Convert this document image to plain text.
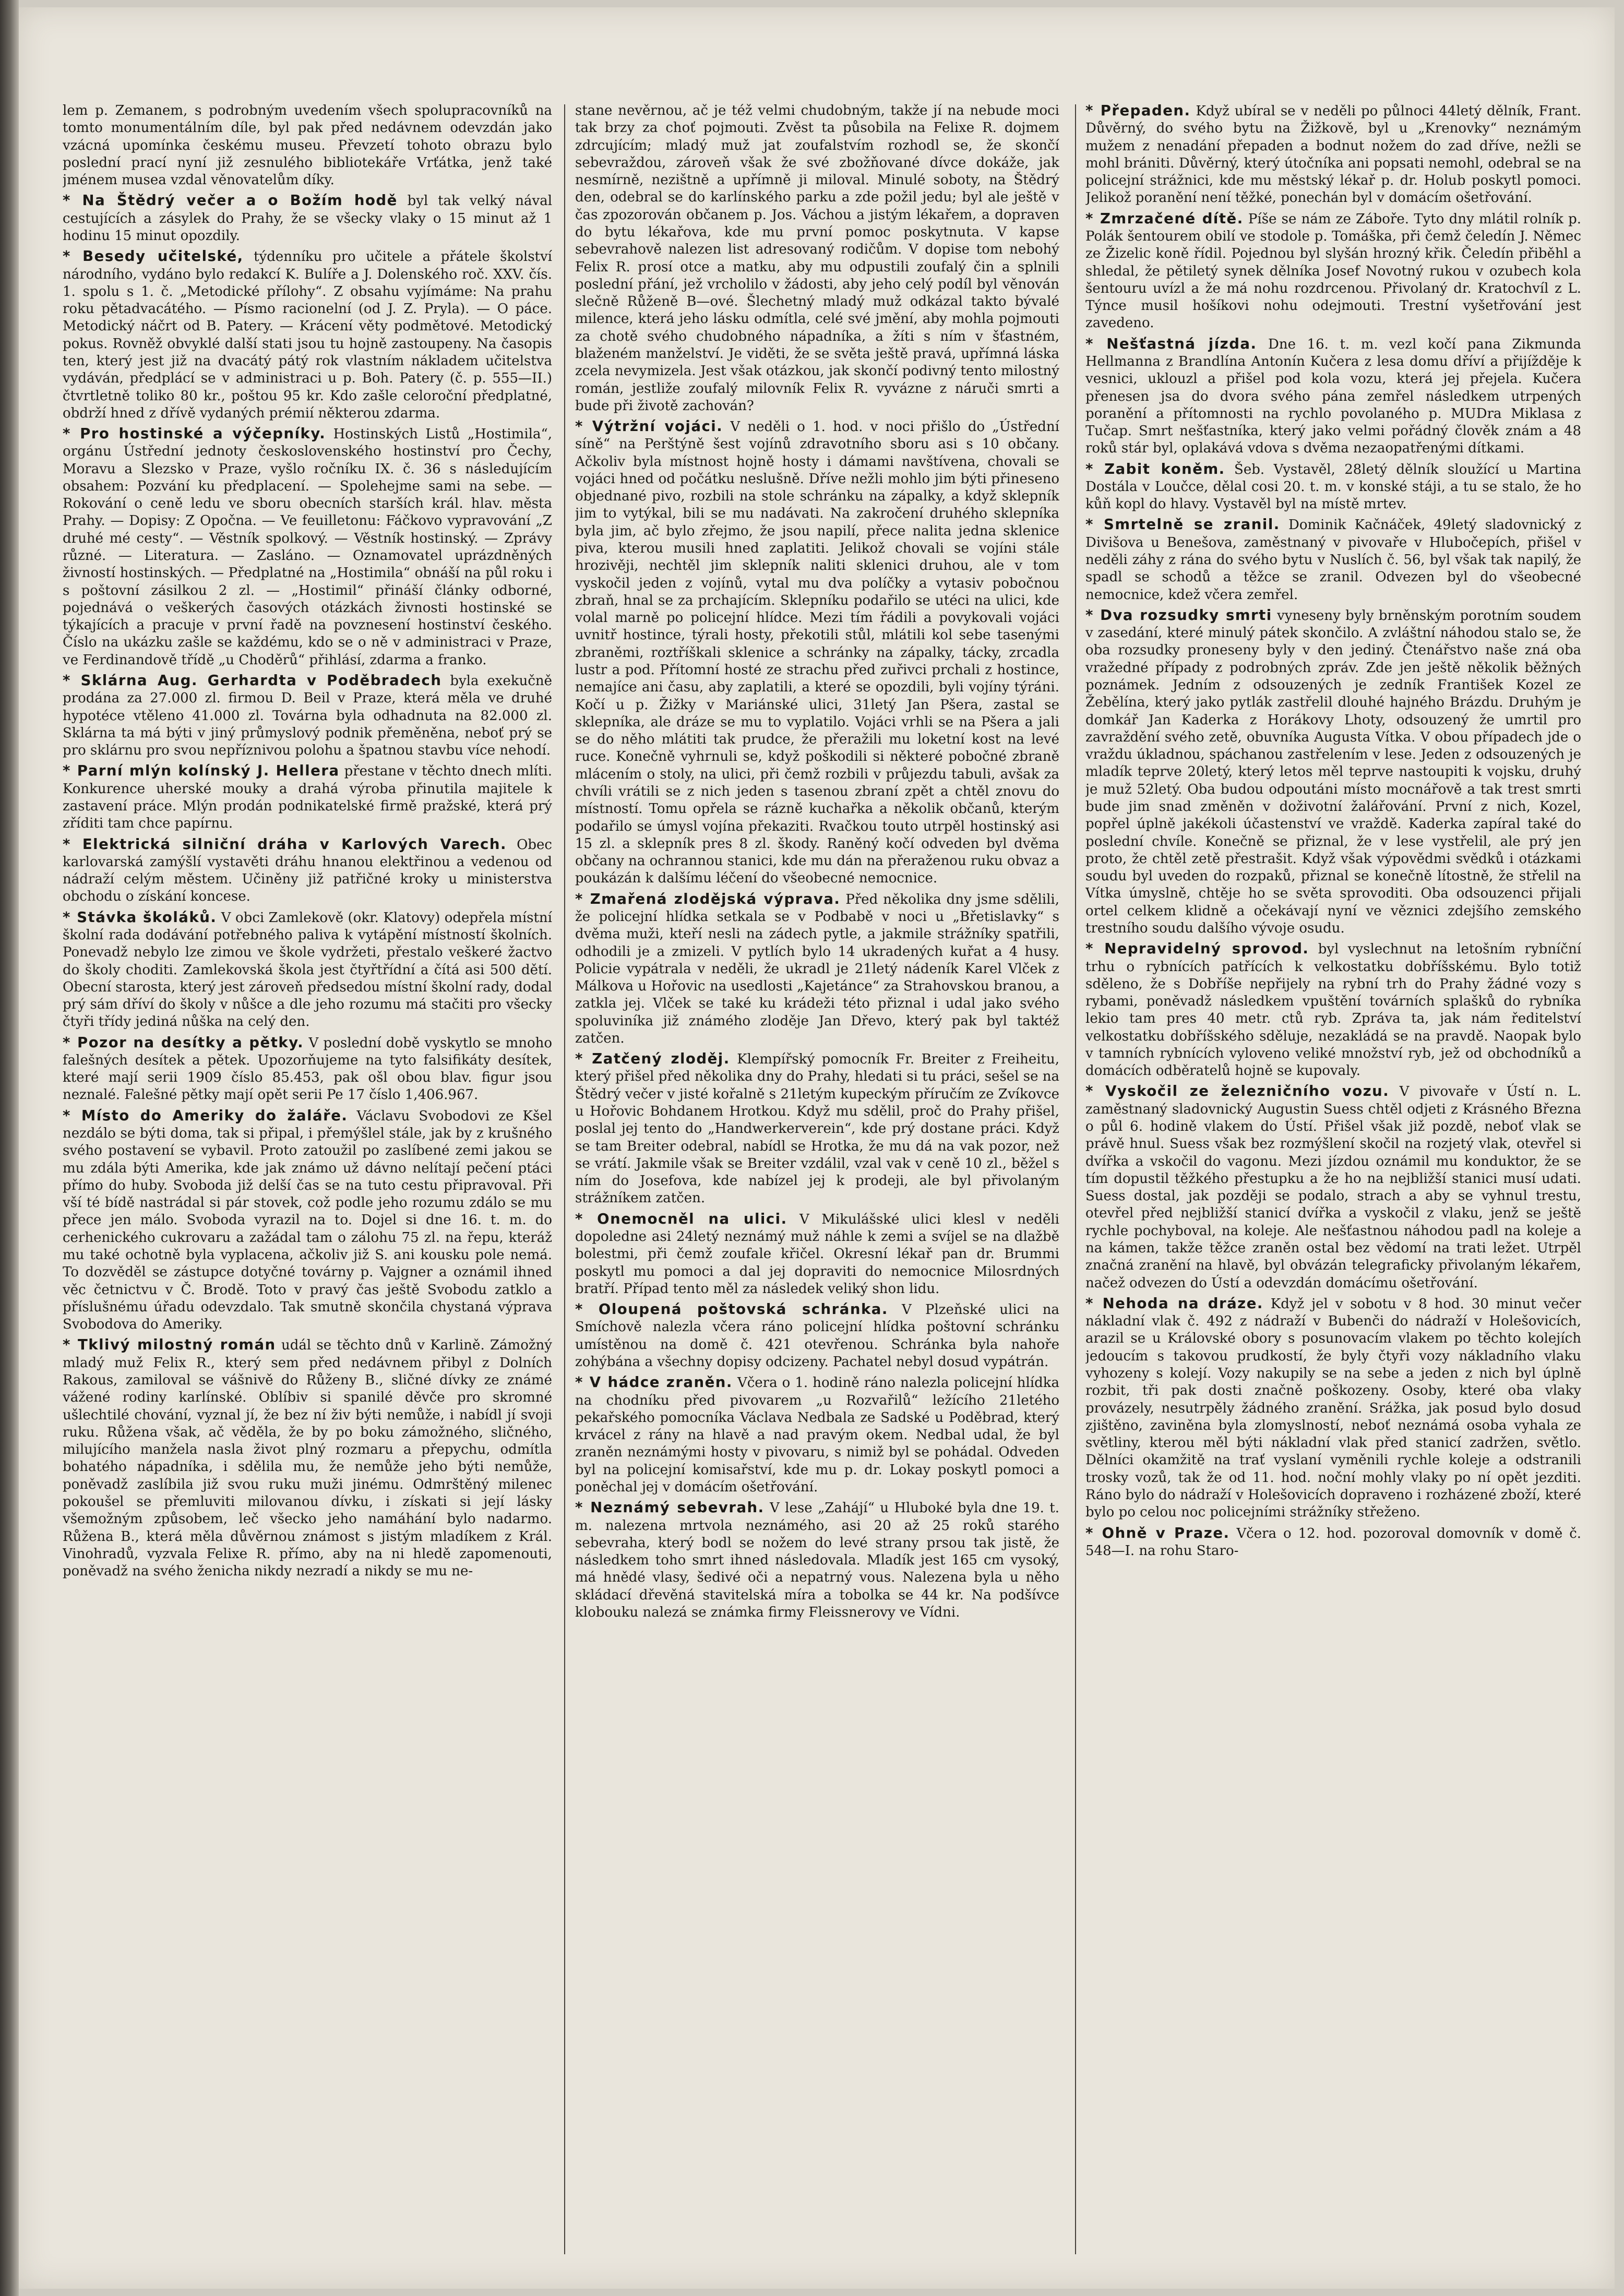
lem p. Zemanem, s podrobným uvedením všech spolupracovníků na tomto monumentálním díle, byl pak před nedávnem odevzdán jako vzácná upomínka českému museu. Převzetí tohoto obrazu bylo poslední prací nyní již zesnulého bibliotekáře Vrťátka, jenž také jménem musea vzdal věnovatelům díky.

* Na Štědrý večer a o Božím hodě byl tak velký nával cestujících a zásylek do Prahy, že se všecky vlaky o 15 minut až 1 hodinu 15 minut opozdily.

* Besedy učitelské, týdenníku pro učitele a přátele školství národního, vydáno bylo redakcí K. Bulíře a J. Dolenského roč. XXV. čís. 1. spolu s 1. č. „Metodické přílohy“. Z obsahu vyjímáme: Na prahu roku pětadvacátého. — Písmo racionelní (od J. Z. Pryla). — O páce. Metodický náčrt od B. Patery. — Krácení věty podmětové. Metodický pokus. Rovněž obvyklé další stati jsou tu hojně zastoupeny. Na časopis ten, který jest již na dvacátý pátý rok vlastním nákladem učitelstva vydáván, předplácí se v administraci u p. Boh. Patery (č. p. 555—II.) čtvrtletně toliko 80 kr., poštou 95 kr. Kdo zašle celoroční předplatné, obdrží hned z dřívě vydaných prémií některou zdarma.

* Pro hostinské a výčepníky. Hostinských Listů „Hostimila“, orgánu Ústřední jednoty československého hostinství pro Čechy, Moravu a Slezsko v Praze, vyšlo ročníku IX. č. 36 s následujícím obsahem: Pozvání ku předplacení. — Spolehejme sami na sebe. — Rokování o ceně ledu ve sboru obecních starších král. hlav. města Prahy. — Dopisy: Z Opočna. — Ve feuilletonu: Fáčkovo vypravování „Z druhé mé cesty“. — Věstník spolkový. — Věstník hostinský. — Zprávy různé. — Literatura. — Zasláno. — Oznamovatel uprázdněných živností hostinských. — Předplatné na „Hostimila“ obnáší na půl roku i s poštovní zásilkou 2 zl. — „Hostimil“ přináší články odborné, pojednává o veškerých časových otázkách živnosti hostinské se týkajících a pracuje v první řadě na povznesení hostinství českého. Číslo na ukázku zašle se každému, kdo se o ně v administraci v Praze, ve Ferdinandově třídě „u Choděrů“ přihlásí, zdarma a franko.

* Sklárna Aug. Gerhardta v Poděbradech byla exekučně prodána za 27.000 zl. firmou D. Beil v Praze, která měla ve druhé hypotéce vtěleno 41.000 zl. Továrna byla odhadnuta na 82.000 zl. Sklárna ta má býti v jiný průmyslový podnik přeměněna, neboť prý se pro sklárnu pro svou nepříznivou polohu a špatnou stavbu více nehodí.

* Parní mlýn kolínský J. Hellera přestane v těchto dnech mlíti. Konkurence uherské mouky a drahá výroba přinutila majitele k zastavení práce. Mlýn prodán podnikatelské firmě pražské, která prý zříditi tam chce papírnu.

* Elektrická silniční dráha v Karlových Varech. Obec karlovarská zamýšlí vystavěti dráhu hnanou elektřinou a vedenou od nádraží celým městem. Učiněny již patřičné kroky u ministerstva obchodu o získání koncese.

* Stávka školáků. V obci Zamlekově (okr. Klatovy) odepřela místní školní rada dodávání potřebného paliva k vytápění místností školních. Ponevadž nebylo lze zimou ve škole vydržeti, přestalo veškeré žactvo do školy choditi. Zamlekovská škola jest čtyřtřídní a čítá asi 500 dětí. Obecní starosta, který jest zároveň předsedou místní školní rady, dodal prý sám dříví do školy v nůšce a dle jeho rozumu má stačiti pro všecky čtyři třídy jediná nůška na celý den.

* Pozor na desítky a pětky. V poslední době vyskytlo se mnoho falešných desítek a pětek. Upozorňujeme na tyto falsifikáty desítek, které mají serii 1909 číslo 85.453, pak ošl obou blav. figur jsou neznalé. Falešné pětky mají opět serii Pe 17 číslo 1,406.967.

* Místo do Ameriky do žaláře. Václavu Svobodovi ze Kšel nezdálo se býti doma, tak si připal, i přemýšlel stále, jak by z krušného svého postavení se vybavil. Proto zatoužil po zaslíbené zemi jakou se mu zdála býti Amerika, kde jak známo už dávno nelítají pečení ptáci přímo do huby. Svoboda již delší čas se na tuto cestu připravoval. Při vší té bídě nastrádal si pár stovek, což podle jeho rozumu zdálo se mu přece jen málo. Svoboda vyrazil na to. Dojel si dne 16. t. m. do cerhenického cukrovaru a zažádal tam o zálohu 75 zl. na řepu, kteráž mu také ochotně byla vyplacena, ačkoliv již S. ani kousku pole nemá. To dozvěděl se zástupce dotyčné továrny p. Vajgner a oznámil ihned věc četnictvu v Č. Brodě. Toto v pravý čas ještě Svobodu zatklo a příslušnému úřadu odevzdalo. Tak smutně skončila chystaná výprava Svobodova do Ameriky.

* Tklivý milostný román udál se těchto dnů v Karlině. Zámožný mladý muž Felix R., který sem před nedávnem přibyl z Dolních Rakous, zamiloval se vášnivě do Růženy B., sličné dívky ze známé vážené rodiny karlínské. Oblíbiv si spanilé děvče pro skromné ušlechtilé chování, vyznal jí, že bez ní živ býti nemůže, i nabídl jí svoji ruku. Růžena však, ač věděla, že by po boku zámožného, sličného, milujícího manžela nasla život plný rozmaru a přepychu, odmítla bohatého nápadníka, i sdělila mu, že nemůže jeho býti nemůže, poněvadž zaslíbila již svou ruku muži jinému. Odmrštěný milenec pokoušel se přemluviti milovanou dívku, i získati si její lásky všemožným způsobem, leč všecko jeho namáhání bylo nadarmo. Růžena B., která měla důvěrnou známost s jistým mladíkem z Král. Vinohradů, vyzvala Felixe R. přímo, aby na ni hledě zapomenouti, poněvadž na svého ženicha nikdy nezradí a nikdy se mu ne-

stane nevěrnou, ač je též velmi chudobným, takže jí na nebude moci tak brzy za choť pojmouti. Zvěst ta působila na Felixe R. dojmem zdrcujícím; mladý muž jat zoufalstvím rozhodl se, že skončí sebevraždou, zároveň však že své zbožňované dívce dokáže, jak nesmírně, nezištně a upřímně ji miloval. Minulé soboty, na Štědrý den, odebral se do karlínského parku a zde požil jedu; byl ale ještě v čas zpozorován občanem p. Jos. Váchou a jistým lékařem, a dopraven do bytu lékařova, kde mu první pomoc poskytnuta. V kapse sebevrahově nalezen list adresovaný rodičům. V dopise tom nebohý Felix R. prosí otce a matku, aby mu odpustili zoufalý čin a splnili poslední přání, jež vrcholilo v žádosti, aby jeho celý podíl byl věnován slečně Růženě B—ové. Šlechetný mladý muž odkázal takto bývalé milence, která jeho lásku odmítla, celé své jmění, aby mohla pojmouti za chotě svého chudobného nápadníka, a žíti s ním v šťastném, blaženém manželství. Je viděti, že se světa ještě pravá, upřímná láska zcela nevymizela. Jest však otázkou, jak skončí podivný tento milostný román, jestliže zoufalý milovník Felix R. vyvázne z náruči smrti a bude při životě zachován?

* Výtržní vojáci. V neděli o 1. hod. v noci přišlo do „Ústřední síně“ na Perštýně šest vojínů zdravotního sboru asi s 10 občany. Ačkoliv byla místnost hojně hosty i dámami navštívena, chovali se vojáci hned od počátku neslušně. Dříve nežli mohlo jim býti přineseno objednané pivo, rozbili na stole schránku na zápalky, a když sklepník jim to vytýkal, bili se mu nadávati. Na zakročení druhého sklepníka byla jim, ač bylo zřejmo, že jsou napilí, přece nalita jedna sklenice piva, kterou musili hned zaplatiti. Jelikož chovali se vojíni stále hrozivěji, nechtěl jim sklepník naliti sklenici druhou, ale v tom vyskočil jeden z vojínů, vytal mu dva políčky a vytasiv pobočnou zbraň, hnal se za prchajícím. Sklepníku podařilo se utéci na ulici, kde volal marně po policejní hlídce. Mezi tím řádili a povykovali vojáci uvnitř hostince, týrali hosty, překotili stůl, mlátili kol sebe tasenými zbraněmi, roztříškali sklenice a schránky na zápalky, tácky, zrcadla lustr a pod. Přítomní hosté ze strachu před zuřivci prchali z hostince, nemajíce ani času, aby zaplatili, a které se opozdili, byli vojíny týráni. Kočí u p. Žižky v Mariánské ulici, 31letý Jan Pšera, zastal se sklepníka, ale dráze se mu to vyplatilo. Vojáci vrhli se na Pšera a jali se do něho mlátiti tak prudce, že přeražili mu loketní kost na levé ruce. Konečně vyhrnuli se, když poškodili si některé pobočné zbraně mlácením o stoly, na ulici, při čemž rozbili v průjezdu tabuli, avšak za chvíli vrátili se z nich jeden s tasenou zbraní zpět a chtěl znovu do místností. Tomu opřela se rázně kuchařka a několik občanů, kterým podařilo se úmysl vojína překaziti. Rvačkou touto utrpěl hostinský asi 15 zl. a sklepník pres 8 zl. škody. Raněný kočí odveden byl dvěma občany na ochrannou stanici, kde mu dán na přeraženou ruku obvaz a poukázán k dalšímu léčení do všeobecné nemocnice.

* Zmařená zlodějská výprava. Před několika dny jsme sdělili, že policejní hlídka setkala se v Podbabě v noci u „Břetislavky“ s dvěma muži, kteří nesli na zádech pytle, a jakmile strážníky spatřili, odhodili je a zmizeli. V pytlích bylo 14 ukradených kuřat a 4 husy. Policie vypátrala v neděli, že ukradl je 21letý nádeník Karel Vlček z Málkova u Hořovic na usedlosti „Kajetánce“ za Strahovskou branou, a zatkla jej. Vlček se také ku krádeži této přiznal i udal jako svého spoluviníka již známého zloděje Jan Dřevo, který pak byl taktéž zatčen.

* Zatčený zloděj. Klempířský pomocník Fr. Breiter z Freiheitu, který přišel před několika dny do Prahy, hledati si tu práci, sešel se na Štědrý večer v jisté kořalně s 21letým kupeckým příručím ze Zvíkovce u Hořovic Bohdanem Hrotkou. Když mu sdělil, proč do Prahy přišel, poslal jej tento do „Handwerkerverein“, kde prý dostane práci. Když se tam Breiter odebral, nabídl se Hrotka, že mu dá na vak pozor, než se vrátí. Jakmile však se Breiter vzdálil, vzal vak v ceně 10 zl., běžel s ním do Josefova, kde nabízel jej k prodeji, ale byl přivolaným strážníkem zatčen.

* Onemocněl na ulici. V Mikulášské ulici klesl v neděli dopoledne asi 24letý neznámý muž náhle k zemi a svíjel se na dlažbě bolestmi, při čemž zoufale křičel. Okresní lékař pan dr. Brummi poskytl mu pomoci a dal jej dopraviti do nemocnice Milosrdných bratří. Případ tento měl za následek veliký shon lidu.

* Oloupená poštovská schránka. V Plzeňské ulici na Smíchově nalezla včera ráno policejní hlídka poštovní schránku umístěnou na domě č. 421 otevřenou. Schránka byla nahoře zohýbána a všechny dopisy odcizeny. Pachatel nebyl dosud vypátrán.

* V hádce zraněn. Včera o 1. hodině ráno nalezla policejní hlídka na chodníku před pivovarem „u Rozvařilů“ ležícího 21letého pekařského pomocníka Václava Nedbala ze Sadské u Poděbrad, který krvácel z rány na hlavě a nad pravým okem. Nedbal udal, že byl zraněn neznámými hosty v pivovaru, s nimiž byl se pohádal. Odveden byl na policejní komisařství, kde mu p. dr. Lokay poskytl pomoci a poněchal jej v domácím ošetřování.

* Neznámý sebevrah. V lese „Zahájí“ u Hluboké byla dne 19. t. m. nalezena mrtvola neznámého, asi 20 až 25 roků starého sebevraha, který bodl se nožem do levé strany prsou tak jistě, že následkem toho smrt ihned následovala. Mladík jest 165 cm vysoký, má hnědé vlasy, šedivé oči a nepatrný vous. Nalezena byla u něho skládací dřevěná stavitelská míra a tobolka se 44 kr. Na podšívce klobouku nalezá se známka firmy Fleissnerovy ve Vídni.

* Přepaden. Když ubíral se v neděli po půlnoci 44letý dělník, Frant. Důvěrný, do svého bytu na Žižkově, byl u „Krenovky“ neznámým mužem z nenadání přepaden a bodnut nožem do zad dříve, nežli se mohl brániti. Důvěrný, který útočníka ani popsati nemohl, odebral se na policejní strážnici, kde mu městský lékař p. dr. Holub poskytl pomoci. Jelikož poranění není těžké, ponechán byl v domácím ošetřování.

* Zmrzačené dítě. Píše se nám ze Záboře. Tyto dny mlátil rolník p. Polák šentourem obilí ve stodole p. Tomáška, při čemž čeledín J. Němec ze Žizelic koně řídil. Pojednou byl slyšán hrozný křik. Čeledín přiběhl a shledal, že pětiletý synek dělníka Josef Novotný rukou v ozubech kola šentouru uvízl a že má nohu rozdrcenou. Přivolaný dr. Kratochvíl z L. Týnce musil hošíkovi nohu odejmouti. Trestní vyšetřování jest zavedeno.

* Nešťastná jízda. Dne 16. t. m. vezl kočí pana Zikmunda Hellmanna z Brandlína Antonín Kučera z lesa domu dříví a přijížděje k vesnici, uklouzl a přišel pod kola vozu, která jej přejela. Kučera přenesen jsa do dvora svého pána zemřel následkem utrpených poranění a přítomnosti na rychlo povolaného p. MUDra Miklasa z Tučap. Smrt nešťastníka, který jako velmi pořádný člověk znám a 48 roků stár byl, oplakává vdova s dvěma nezaopatřenými dítkami.

* Zabit koněm. Šeb. Vystavěl, 28letý dělník sloužící u Martina Dostála v Loučce, dělal cosi 20. t. m. v konské stáji, a tu se stalo, že ho kůň kopl do hlavy. Vystavěl byl na místě mrtev.

* Smrtelně se zranil. Dominik Kačnáček, 49letý sladovnický z Divišova u Benešova, zaměstnaný v pivovaře v Hlubočepích, přišel v neděli záhy z rána do svého bytu v Nuslích č. 56, byl však tak napilý, že spadl se schodů a těžce se zranil. Odvezen byl do všeobecné nemocnice, kdež včera zemřel.

* Dva rozsudky smrti vyneseny byly brněnským porotním soudem v zasedání, které minulý pátek skončilo. A zvláštní náhodou stalo se, že oba rozsudky proneseny byly v den jediný. Čtenářstvo naše zná oba vražedné případy z podrobných zpráv. Zde jen ještě několik běžných poznámek. Jedním z odsouzených je zedník František Kozel ze Žebělína, který jako pytlák zastřelil dlouhé hajného Brázdu. Druhým je domkář Jan Kaderka z Horákovy Lhoty, odsouzený že umrtil pro zavraždění svého zetě, obuvníka Augusta Vítka. V obou případech jde o vraždu úkladnou, spáchanou zastřelením v lese. Jeden z odsouzených je mladík teprve 20letý, který letos měl teprve nastoupiti k vojsku, druhý je muž 52letý. Oba budou odpoutáni místo mocnářově a tak trest smrti bude jim snad změněn v doživotní žalářování. První z nich, Kozel, popřel úplně jakékoli účastenství ve vraždě. Kaderka zapíral také do poslední chvíle. Konečně se přiznal, že v lese vystřelil, ale prý jen proto, že chtěl zetě přestrašit. Když však výpovědmi svědků i otázkami soudu byl uveden do rozpaků, přiznal se konečně lítostně, že střelil na Vítka úmyslně, chtěje ho se světa sprovoditi. Oba odsouzenci přijali ortel celkem klidně a očekávají nyní ve věznici zdejšího zemského trestního soudu dalšího vývoje osudu.

* Nepravidelný sprovod. byl vyslechnut na letošním rybníční trhu o rybnících patřících k velkostatku dobříšskému. Bylo totiž sděleno, že s Dobříše nepřijely na rybní trh do Prahy žádné vozy s rybami, poněvadž následkem vpuštění továrních splašků do rybníka lekio tam pres 40 metr. ctů ryb. Zpráva ta, jak nám ředitelství velkostatku dobříšského sděluje, nezakládá se na pravdě. Naopak bylo v tamních rybnících vyloveno veliké množství ryb, jež od obchodníků a domácích odběratelů hojně se kupovaly.

* Vyskočil ze železničního vozu. V pivovaře v Ústí n. L. zaměstnaný sladovnický Augustin Suess chtěl odjeti z Krásného Března o půl 6. hodině vlakem do Ústí. Přišel však již pozdě, neboť vlak se právě hnul. Suess však bez rozmýšlení skočil na rozjetý vlak, otevřel si dvířka a vskočil do vagonu. Mezi jízdou oznámil mu konduktor, že se tím dopustil těžkého přestupku a že ho na nejbližší stanici musí udati. Suess dostal, jak později se podalo, strach a aby se vyhnul trestu, otevřel před nejbližší stanicí dvířka a vyskočil z vlaku, jenž se ještě rychle pochyboval, na koleje. Ale nešťastnou náhodou padl na koleje a na kámen, takže těžce zraněn ostal bez vědomí na trati ležet. Utrpěl značná zranění na hlavě, byl obvázán telegraficky přivolaným lékařem, načež odvezen do Ústí a odevzdán domácímu ošetřování.

* Nehoda na dráze. Když jel v sobotu v 8 hod. 30 minut večer nákladní vlak č. 492 z nádraží v Bubenči do nádraží v Holešovicích, arazil se u Královské obory s posunovacím vlakem po těchto kolejích jedoucím s takovou prudkostí, že byly čtyři vozy nákladního vlaku vyhozeny s kolejí. Vozy nakupily se na sebe a jeden z nich byl úplně rozbit, tři pak dosti značně poškozeny. Osoby, které oba vlaky provázely, nesutrpěly žádného zranění. Srážka, jak posud bylo dosud zjištěno, zaviněna byla zlomyslností, neboť neznámá osoba vyhala ze světliny, kterou měl býti nákladní vlak před stanicí zadržen, světlo. Dělníci okamžitě na trať vyslaní vyměnili rychle koleje a odstranili trosky vozů, tak že od 11. hod. noční mohly vlaky po ní opět jezditi. Ráno bylo do nádraží v Holešovicích dopraveno i rozházené zboží, které bylo po celou noc policejními strážníky střeženo.

* Ohně v Praze. Včera o 12. hod. pozoroval domovník v domě č. 548—I. na rohu Staro-
